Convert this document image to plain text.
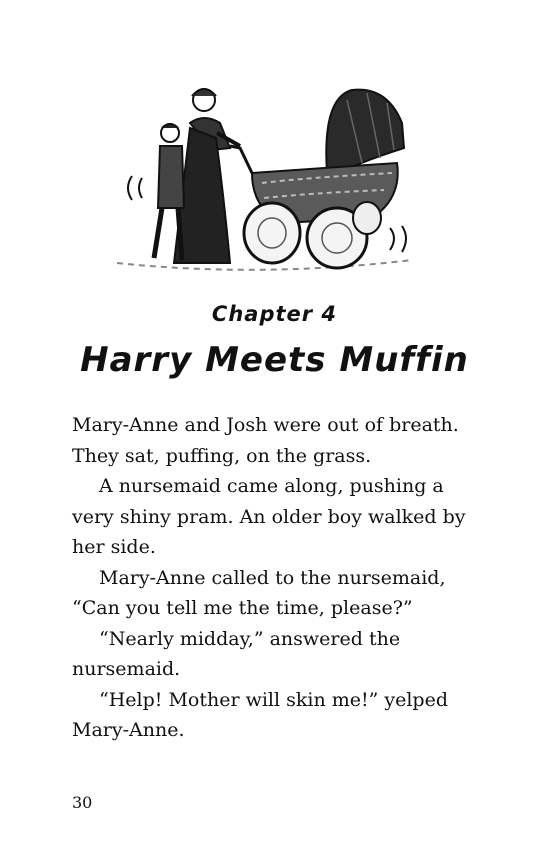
Chapter 4
Harry Meets Muffin

Mary-Anne and Josh were out of breath. They sat, puffing, on the grass.

A nursemaid came along, pushing a very shiny pram. An older boy walked by her side.

Mary-Anne called to the nursemaid, “Can you tell me the time, please?”

“Nearly midday,” answered the nursemaid.

“Help! Mother will skin me!” yelped Mary-Anne.

30
